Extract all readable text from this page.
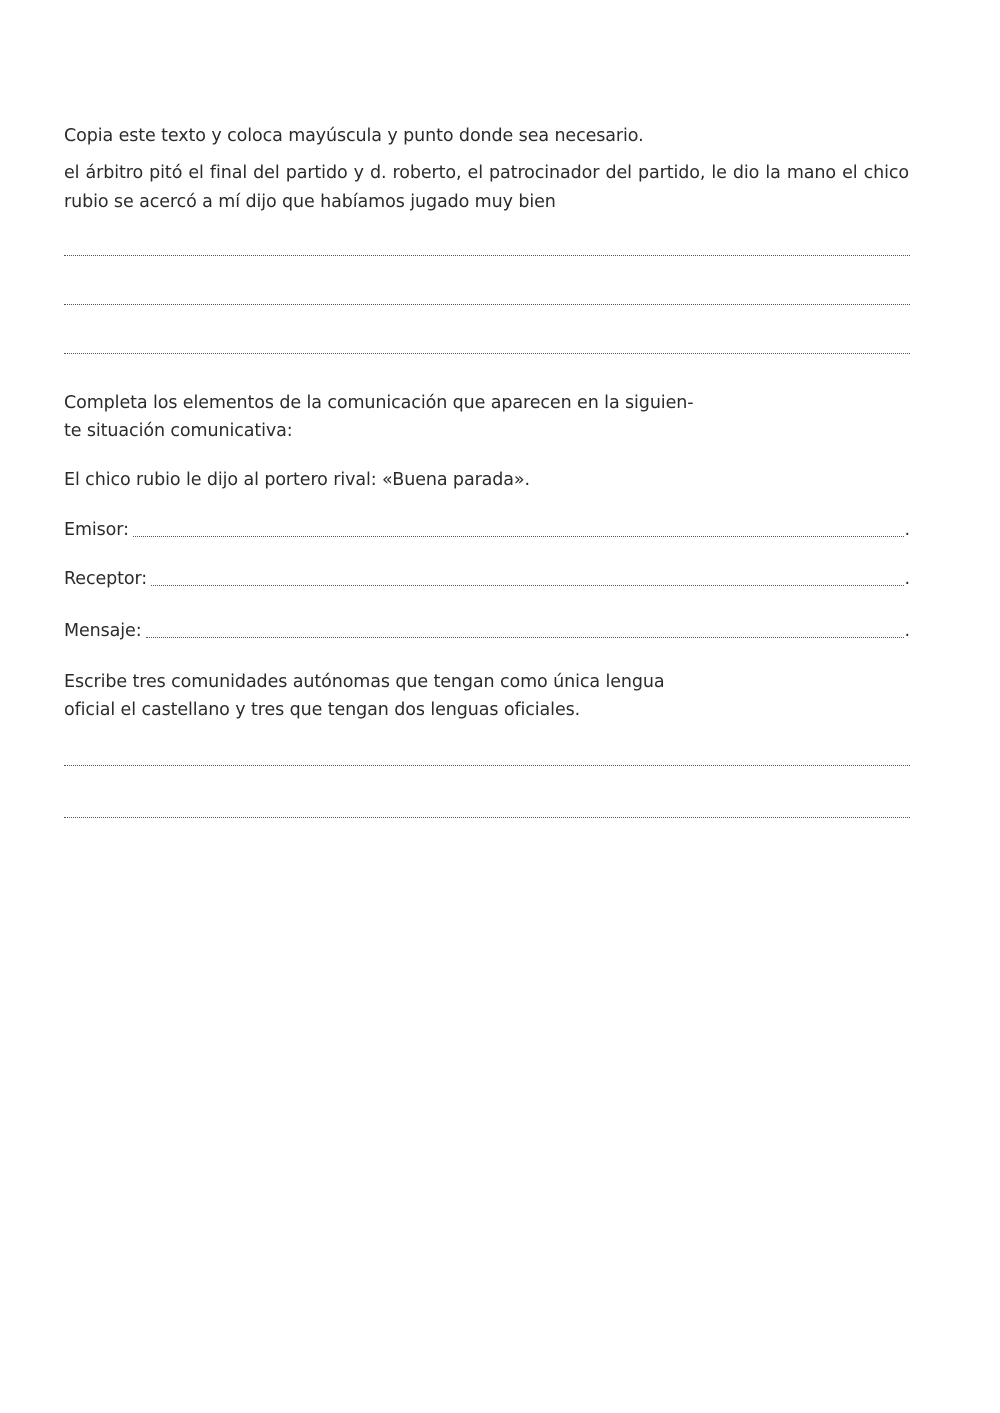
Copia este texto y coloca mayúscula y punto donde sea necesario.
el árbitro pitó el final del partido y d. roberto, el patrocinador del partido, le dio la mano el chico rubio se acercó a mí dijo que habíamos jugado muy bien
Completa los elementos de la comunicación que aparecen en la siguien-
te situación comunicativa:
El chico rubio le dijo al portero rival: «Buena parada».
Emisor:	.
Receptor:	.
Mensaje:	.
Escribe tres comunidades autónomas que tengan como única lengua
oficial el castellano y tres que tengan dos lenguas oficiales.
